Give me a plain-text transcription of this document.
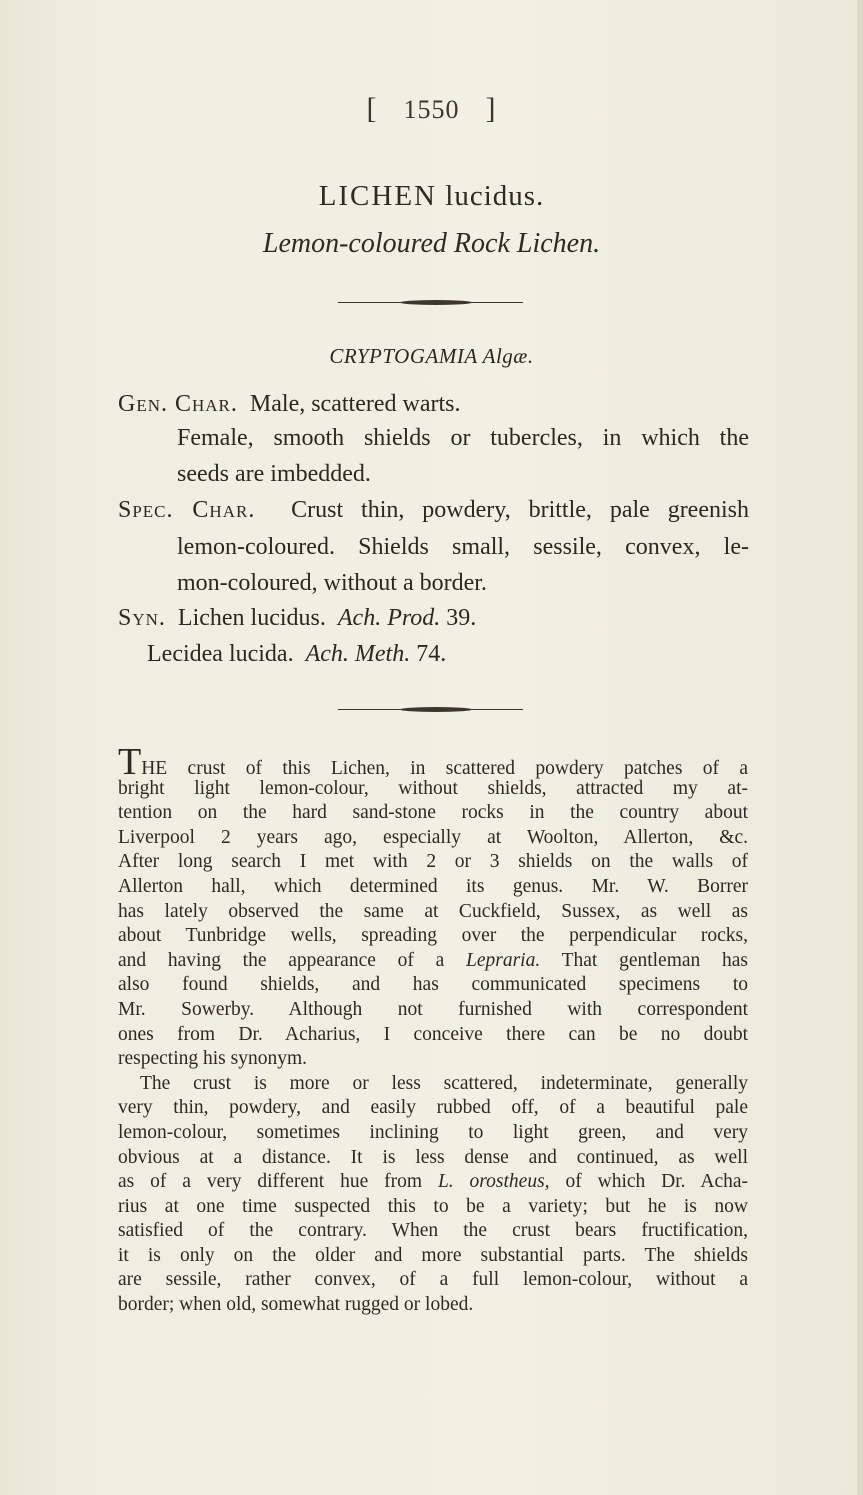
[ 1550 ]
LICHEN lucidus.
Lemon-coloured Rock Lichen.
CRYPTOGAMIA Algæ.
Gen. Char. Male, scattered warts.
Female, smooth shields or tubercles, in which the
seeds are imbedded.
Spec. Char. Crust thin, powdery, brittle, pale greenish
lemon-coloured. Shields small, sessile, convex, le-
mon-coloured, without a border.
Syn. Lichen lucidus. Ach. Prod. 39.
Lecidea lucida. Ach. Meth. 74.
THE crust of this Lichen, in scattered powdery patches of a
bright light lemon-colour, without shields, attracted my at-
tention on the hard sand-stone rocks in the country about
Liverpool 2 years ago, especially at Woolton, Allerton, &c.
After long search I met with 2 or 3 shields on the walls of
Allerton hall, which determined its genus. Mr. W. Borrer
has lately observed the same at Cuckfield, Sussex, as well as
about Tunbridge wells, spreading over the perpendicular rocks,
and having the appearance of a Lepraria. That gentleman has
also found shields, and has communicated specimens to
Mr. Sowerby. Although not furnished with correspondent
ones from Dr. Acharius, I conceive there can be no doubt
respecting his synonym.
The crust is more or less scattered, indeterminate, generally
very thin, powdery, and easily rubbed off, of a beautiful pale
lemon-colour, sometimes inclining to light green, and very
obvious at a distance. It is less dense and continued, as well
as of a very different hue from L. orostheus, of which Dr. Acha-
rius at one time suspected this to be a variety; but he is now
satisfied of the contrary. When the crust bears fructification,
it is only on the older and more substantial parts. The shields
are sessile, rather convex, of a full lemon-colour, without a
border; when old, somewhat rugged or lobed.
